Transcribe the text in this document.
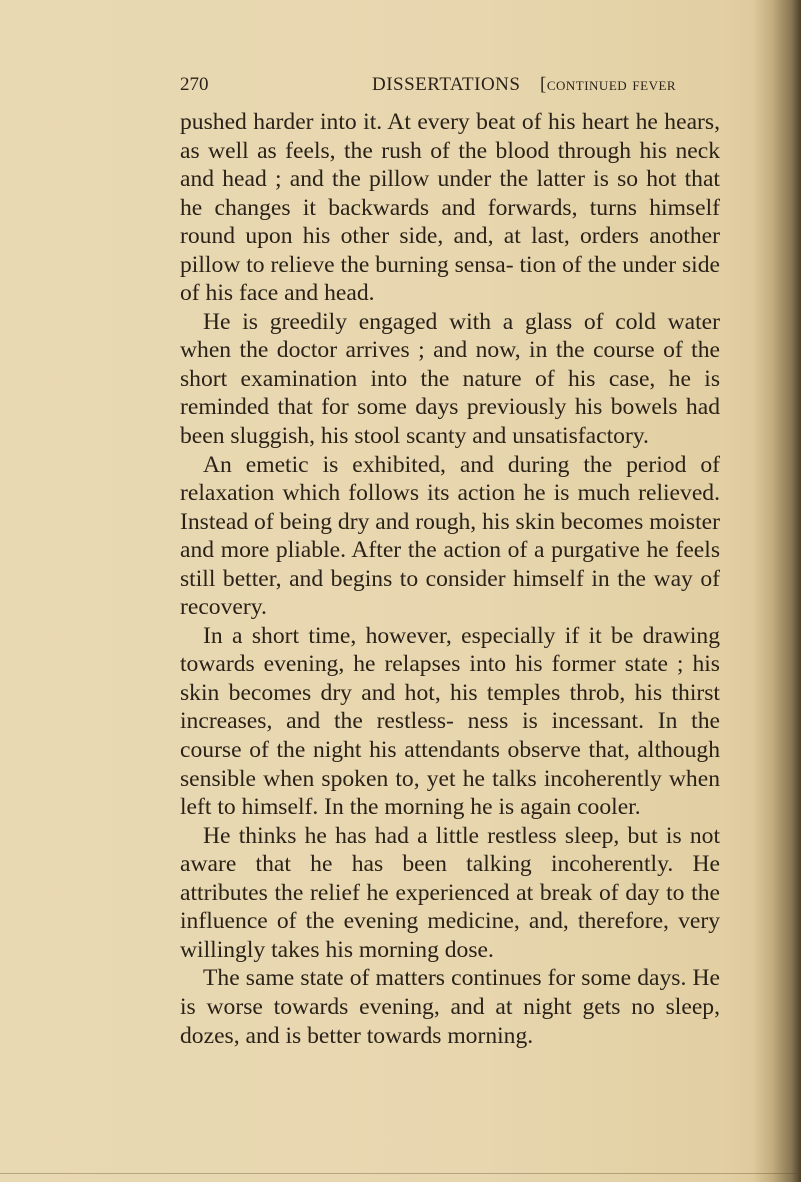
270	DISSERTATIONS [continued fever

pushed harder into it. At every beat of his heart he hears, as well as feels, the rush of the blood through his neck and head ; and the pillow under the latter is so hot that he changes it backwards and forwards, turns himself round upon his other side, and, at last, orders another pillow to relieve the burning sensa- tion of the under side of his face and head.

He is greedily engaged with a glass of cold water when the doctor arrives ; and now, in the course of the short examination into the nature of his case, he is reminded that for some days previously his bowels had been sluggish, his stool scanty and unsatisfactory.

An emetic is exhibited, and during the period of relaxation which follows its action he is much relieved. Instead of being dry and rough, his skin becomes moister and more pliable. After the action of a purgative he feels still better, and begins to consider himself in the way of recovery.

In a short time, however, especially if it be drawing towards evening, he relapses into his former state ; his skin becomes dry and hot, his temples throb, his thirst increases, and the restless- ness is incessant. In the course of the night his attendants observe that, although sensible when spoken to, yet he talks incoherently when left to himself. In the morning he is again cooler.

He thinks he has had a little restless sleep, but is not aware that he has been talking incoherently. He attributes the relief he experienced at break of day to the influence of the evening medicine, and, therefore, very willingly takes his morning dose.

The same state of matters continues for some days. He is worse towards evening, and at night gets no sleep, dozes, and is better towards morning.
